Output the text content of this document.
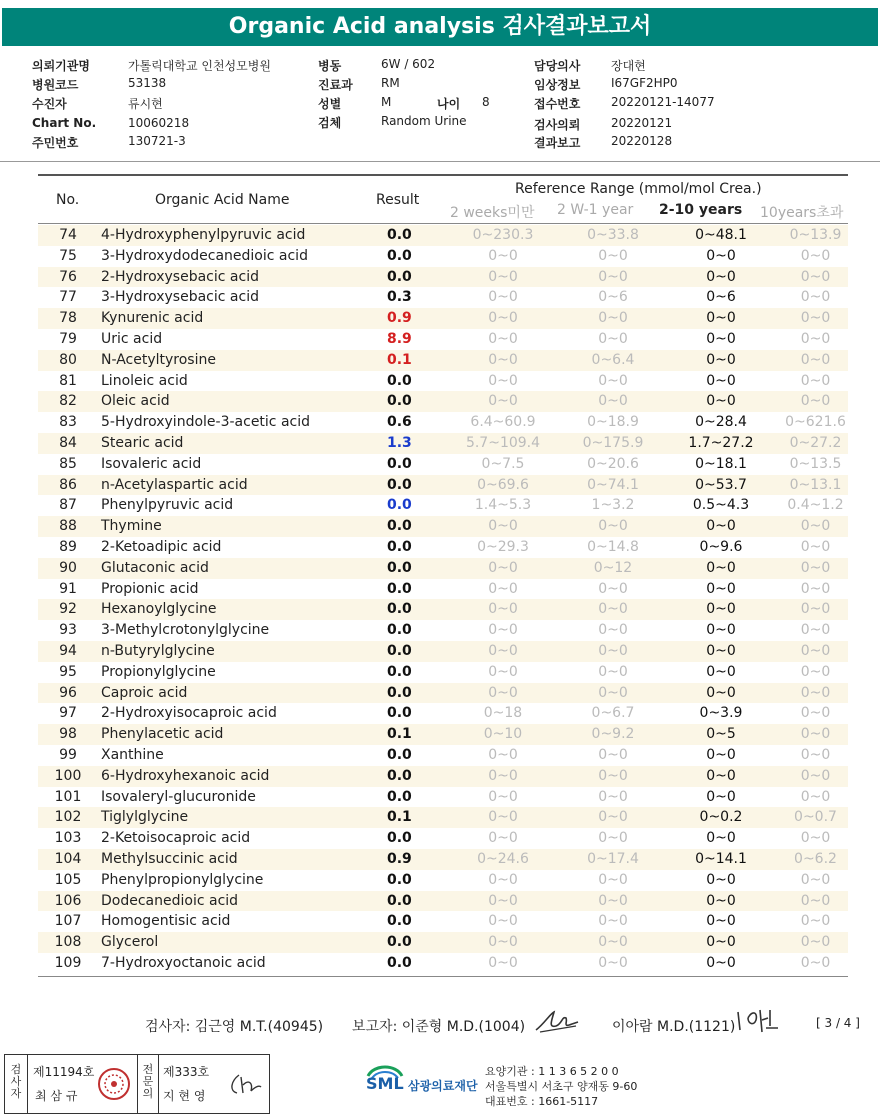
Organic Acid analysis 검사결과보고서
의뢰기관명	가톨릭대학교 인천성모병원
병원코드	53138
수진자	류시현
Chart No.	10060218
주민번호	130721-3
병동	6W / 602
진료과 RM
성별	M	나이 8
검체	Random Urine
담당의사	장대현
임상정보	I67GF2HP0
접수번호	20220121-14077
검사의뢰	20220121
결과보고	20220128
No.	Organic Acid Name	Result
Reference Range (mmol/mol Crea.)
2 weeks미만 2 W-1 year 2-10 years 10years초과
74	4-Hydroxyphenylpyruvic acid	0.0	0~230.3	0~33.8	0~48.1	0~13.9
75	3-Hydroxydodecanedioic acid	0.0	0~0	0~0	0~0	0~0
76	2-Hydroxysebacic acid	0.0	0~0	0~0	0~0	0~0
77	3-Hydroxysebacic acid	0.3	0~0	0~6	0~6	0~0
78	Kynurenic acid	0.9	0~0	0~0	0~0	0~0
79	Uric acid	8.9	0~0	0~0	0~0	0~0
80	N-Acetyltyrosine	0.1	0~0	0~6.4	0~0	0~0
81	Linoleic acid	0.0	0~0	0~0	0~0	0~0
82	Oleic acid	0.0	0~0	0~0	0~0	0~0
83	5-Hydroxyindole-3-acetic acid	0.6	6.4~60.9	0~18.9	0~28.4	0~621.6
84	Stearic acid	1.3	5.7~109.4	0~175.9	1.7~27.2	0~27.2
85	Isovaleric acid	0.0	0~7.5	0~20.6	0~18.1	0~13.5
86	n-Acetylaspartic acid	0.0	0~69.6	0~74.1	0~53.7	0~13.1
87	Phenylpyruvic acid	0.0	1.4~5.3	1~3.2	0.5~4.3	0.4~1.2
88	Thymine	0.0	0~0	0~0	0~0	0~0
89	2-Ketoadipic acid	0.0	0~29.3	0~14.8	0~9.6	0~0
90	Glutaconic acid	0.0	0~0	0~12	0~0	0~0
91	Propionic acid	0.0	0~0	0~0	0~0	0~0
92	Hexanoylglycine	0.0	0~0	0~0	0~0	0~0
93	3-Methylcrotonylglycine	0.0	0~0	0~0	0~0	0~0
94	n-Butyrylglycine	0.0	0~0	0~0	0~0	0~0
95	Propionylglycine	0.0	0~0	0~0	0~0	0~0
96	Caproic acid	0.0	0~0	0~0	0~0	0~0
97	2-Hydroxyisocaproic acid	0.0	0~18	0~6.7	0~3.9	0~0
98	Phenylacetic acid	0.1	0~10	0~9.2	0~5	0~0
99	Xanthine	0.0	0~0	0~0	0~0	0~0
100	6-Hydroxyhexanoic acid	0.0	0~0	0~0	0~0	0~0
101	Isovaleryl-glucuronide	0.0	0~0	0~0	0~0	0~0
102	Tiglylglycine	0.1	0~0	0~0	0~0.2	0~0.7
103	2-Ketoisocaproic acid	0.0	0~0	0~0	0~0	0~0
104	Methylsuccinic acid	0.9	0~24.6	0~17.4	0~14.1	0~6.2
105	Phenylpropionylglycine	0.0	0~0	0~0	0~0	0~0
106	Dodecanedioic acid	0.0	0~0	0~0	0~0	0~0
107	Homogentisic acid	0.0	0~0	0~0	0~0	0~0
108	Glycerol	0.0	0~0	0~0	0~0	0~0
109	7-Hydroxyoctanoic acid	0.0	0~0	0~0	0~0	0~0
검사자: 김근영 M.T.(40945) 보고자: 이준형 M.D.(1004)	이아람 M.D.(1121)	[ 3 / 4 ]
검사자
제11194호
최 삼 규
전문의
제333호
지 현 영
SML 삼광의료재단
요양기관 : 1 1 3 6 5 2 0 0
서울특별시 서초구 양재동 9-60
대표번호 : 1661-5117
